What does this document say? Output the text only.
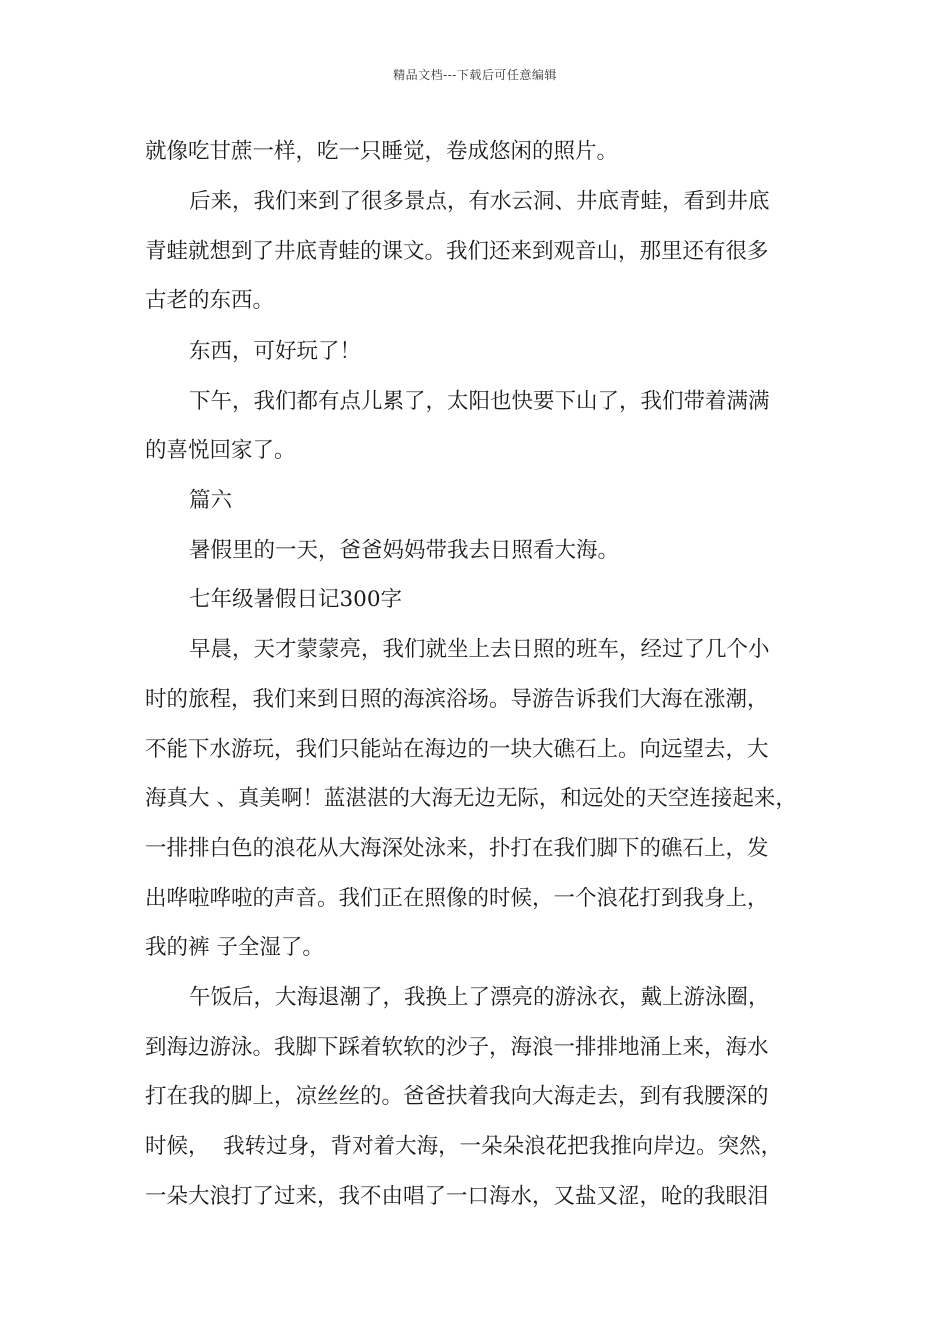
精品文档---下载后可任意编辑
就像吃甘蔗一样，吃一只睡觉，卷成悠闲的照片。
后来，我们来到了很多景点，有水云洞、井底青蛙，看到井底
青蛙就想到了井底青蛙的课文。我们还来到观音山，那里还有很多
古老的东西。
东西，可好玩了！
下午，我们都有点儿累了，太阳也快要下山了，我们带着满满
的喜悦回家了。
篇六
暑假里的一天，爸爸妈妈带我去日照看大海。
七年级暑假日记300字
早晨，天才蒙蒙亮，我们就坐上去日照的班车，经过了几个小
时的旅程，我们来到日照的海滨浴场。导游告诉我们大海在涨潮，
不能下水游玩，我们只能站在海边的一块大礁石上。向远望去，大
海真大 、真美啊！蓝湛湛的大海无边无际，和远处的天空连接起来，
一排排白色的浪花从大海深处泳来，扑打在我们脚下的礁石上，发
出哗啦哗啦的声音。我们正在照像的时候，一个浪花打到我身上，
我的裤 子全湿了。
午饭后，大海退潮了，我换上了漂亮的游泳衣，戴上游泳圈，
到海边游泳。我脚下踩着软软的沙子，海浪一排排地涌上来，海水
打在我的脚上，凉丝丝的。爸爸扶着我向大海走去，到有我腰深的
时候，  我转过身，背对着大海，一朵朵浪花把我推向岸边。突然，
一朵大浪打了过来，我不由唱了一口海水，又盐又涩，呛的我眼泪
